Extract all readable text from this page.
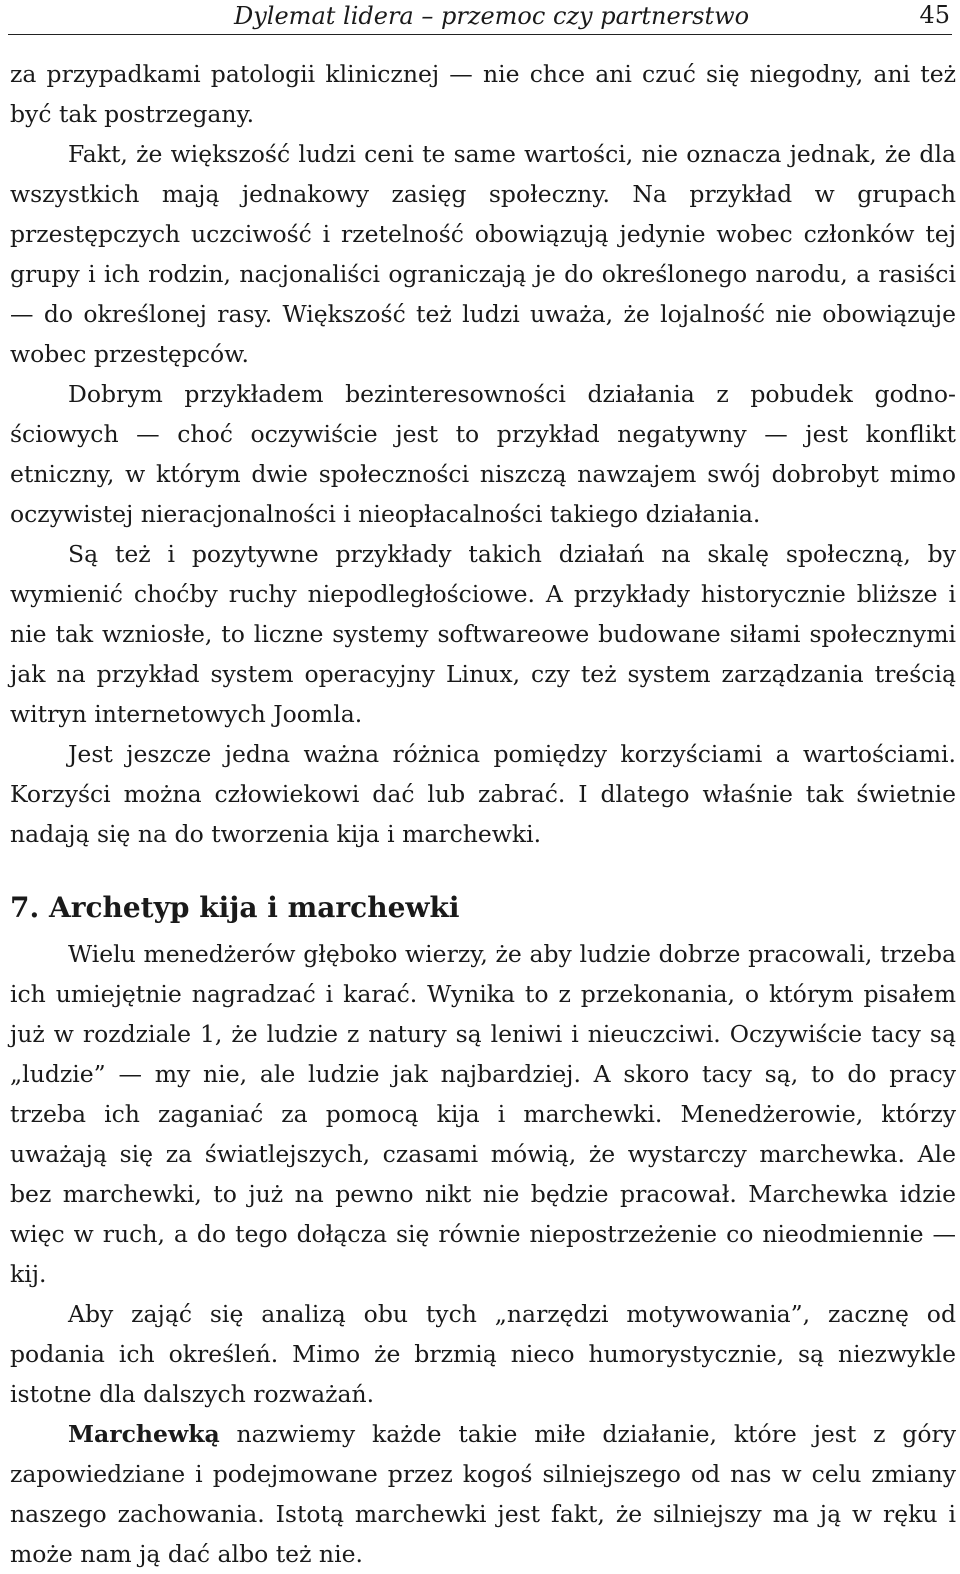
Dylemat lidera – przemoc czy partnerstwo	45

za przypadkami patologii klinicznej — nie chce ani czuć się niegodny, ani też być tak postrzegany.

Fakt, że większość ludzi ceni te same wartości, nie oznacza jednak, że dla wszystkich mają jednakowy zasięg społeczny. Na przykład w grupach przestępczych uczciwość i rzetelność obowiązują jedynie wobec członków tej grupy i ich rodzin, nacjonaliści ograniczają je do określonego narodu, a rasiści — do określonej rasy. Większość też ludzi uważa, że lojalność nie obowiązuje wobec przestępców.

Dobrym przykładem bezinteresowności działania z pobudek godnościowych — choć oczywiście jest to przykład negatywny — jest konflikt etniczny, w którym dwie społeczności niszczą nawzajem swój dobrobyt mimo oczywistej nieracjonalności i nieopłacalności takiego działania.

Są też i pozytywne przykłady takich działań na skalę społeczną, by wymienić choćby ruchy niepodległościowe. A przykłady historycznie bliższe i nie tak wzniosłe, to liczne systemy softwareowe budowane siłami społecznymi jak na przykład system operacyjny Linux, czy też system zarządzania treścią witryn internetowych Joomla.

Jest jeszcze jedna ważna różnica pomiędzy korzyściami a wartościami. Korzyści można człowiekowi dać lub zabrać. I dlatego właśnie tak świetnie nadają się na do tworzenia kija i marchewki.

7. Archetyp kija i marchewki

Wielu menedżerów głęboko wierzy, że aby ludzie dobrze pracowali, trzeba ich umiejętnie nagradzać i karać. Wynika to z przekonania, o którym pisałem już w rozdziale 1, że ludzie z natury są leniwi i nieuczciwi. Oczywiście tacy są „ludzie” — my nie, ale ludzie jak najbardziej. A skoro tacy są, to do pracy trzeba ich zaganiać za pomocą kija i marchewki. Menedżerowie, którzy uważają się za światlejszych, czasami mówią, że wystarczy marchewka. Ale bez marchewki, to już na pewno nikt nie będzie pracował. Marchewka idzie więc w ruch, a do tego dołącza się równie niepostrzeżenie co nieodmiennie — kij.

Aby zająć się analizą obu tych „narzędzi motywowania”, zacznę od podania ich określeń. Mimo że brzmią nieco humorystycznie, są niezwykle istotne dla dalszych rozważań.

Marchewką nazwiemy każde takie miłe działanie, które jest z góry zapowiedziane i podejmowane przez kogoś silniejszego od nas w celu zmiany naszego zachowania. Istotą marchewki jest fakt, że silniejszy ma ją w ręku i może nam ją dać albo też nie.
